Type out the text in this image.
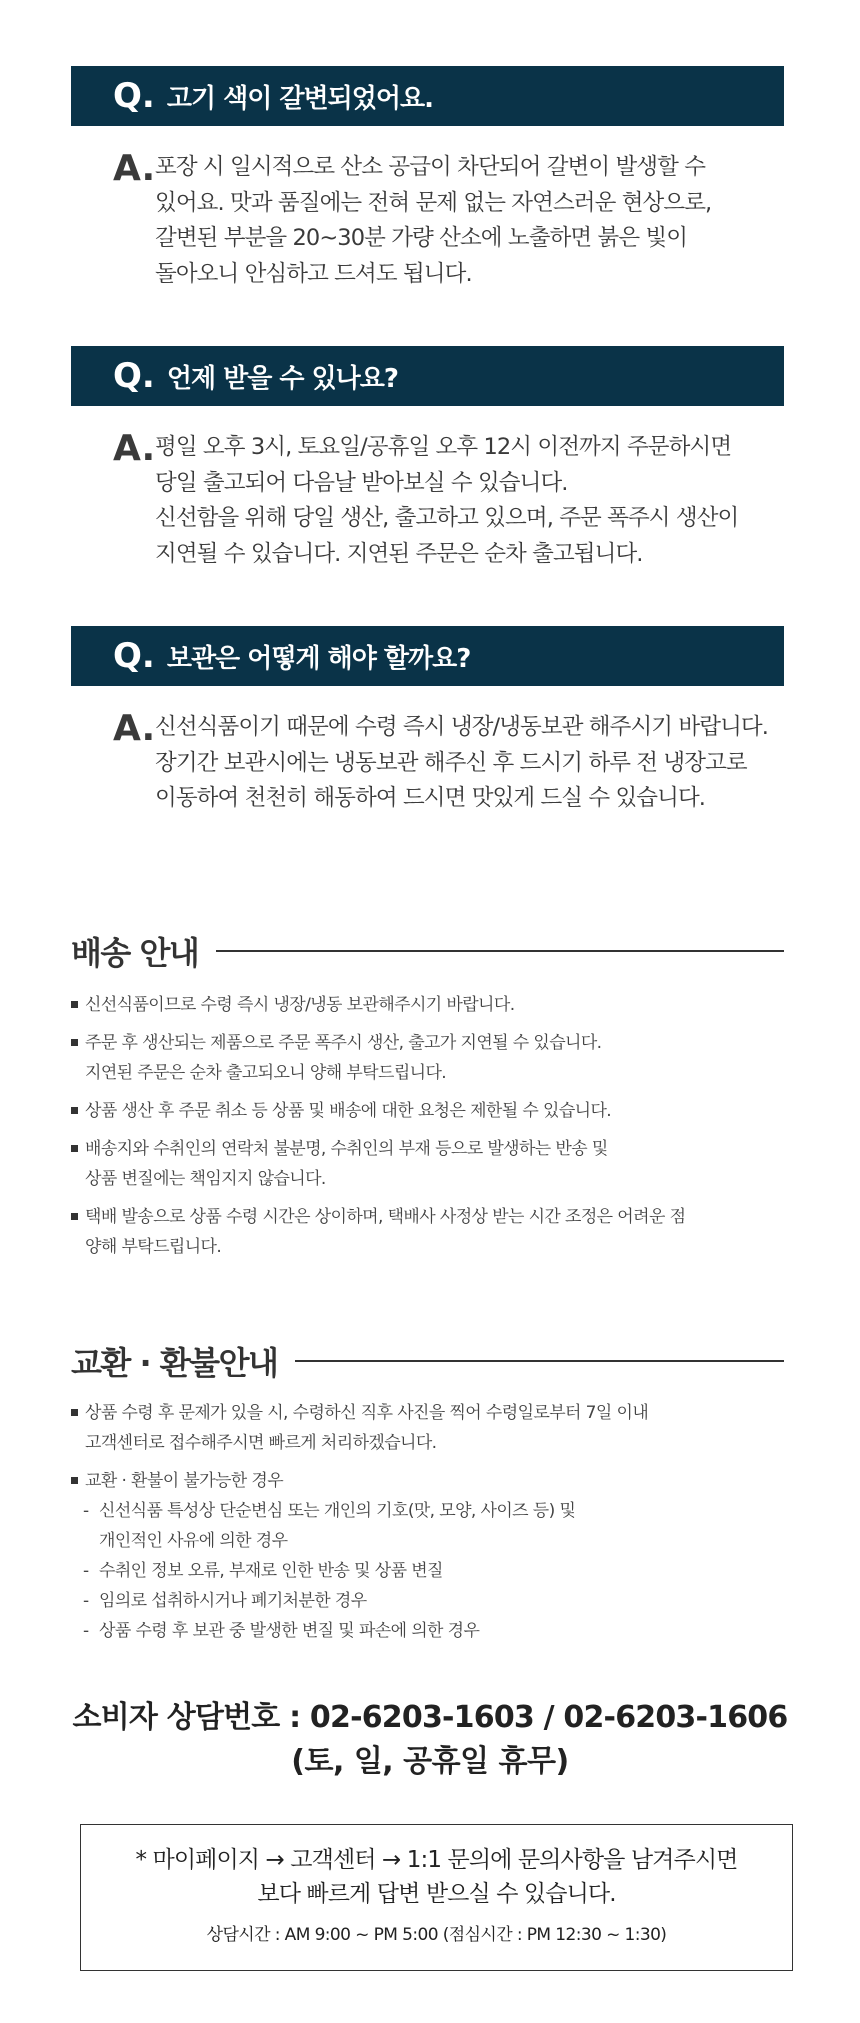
Q. 고기 색이 갈변되었어요.
A. 포장 시 일시적으로 산소 공급이 차단되어 갈변이 발생할 수
있어요. 맛과 품질에는 전혀 문제 없는 자연스러운 현상으로,
갈변된 부분을 20~30분 가량 산소에 노출하면 붉은 빛이
돌아오니 안심하고 드셔도 됩니다.
Q. 언제 받을 수 있나요?
A. 평일 오후 3시, 토요일/공휴일 오후 12시 이전까지 주문하시면
당일 출고되어 다음날 받아보실 수 있습니다.
신선함을 위해 당일 생산, 출고하고 있으며, 주문 폭주시 생산이
지연될 수 있습니다. 지연된 주문은 순차 출고됩니다.
Q. 보관은 어떻게 해야 할까요?
A. 신선식품이기 때문에 수령 즉시 냉장/냉동보관 해주시기 바랍니다.
장기간 보관시에는 냉동보관 해주신 후 드시기 하루 전 냉장고로
이동하여 천천히 해동하여 드시면 맛있게 드실 수 있습니다.
배송 안내
신선식품이므로 수령 즉시 냉장/냉동 보관해주시기 바랍니다.
주문 후 생산되는 제품으로 주문 폭주시 생산, 출고가 지연될 수 있습니다.
지연된 주문은 순차 출고되오니 양해 부탁드립니다.
상품 생산 후 주문 취소 등 상품 및 배송에 대한 요청은 제한될 수 있습니다.
배송지와 수취인의 연락처 불분명, 수취인의 부재 등으로 발생하는 반송 및
상품 변질에는 책임지지 않습니다.
택배 발송으로 상품 수령 시간은 상이하며, 택배사 사정상 받는 시간 조정은 어려운 점
양해 부탁드립니다.
교환 · 환불안내
상품 수령 후 문제가 있을 시, 수령하신 직후 사진을 찍어 수령일로부터 7일 이내
고객센터로 접수해주시면 빠르게 처리하겠습니다.
교환 · 환불이 불가능한 경우
- 신선식품 특성상 단순변심 또는 개인의 기호(맛, 모양, 사이즈 등) 및
개인적인 사유에 의한 경우
- 수취인 정보 오류, 부재로 인한 반송 및 상품 변질
- 임의로 섭취하시거나 폐기처분한 경우
- 상품 수령 후 보관 중 발생한 변질 및 파손에 의한 경우
소비자 상담번호 : 02-6203-1603 / 02-6203-1606
(토, 일, 공휴일 휴무)
* 마이페이지 → 고객센터 → 1:1 문의에 문의사항을 남겨주시면
보다 빠르게 답변 받으실 수 있습니다.
상담시간 : AM 9:00 ~ PM 5:00 (점심시간 : PM 12:30 ~ 1:30)
